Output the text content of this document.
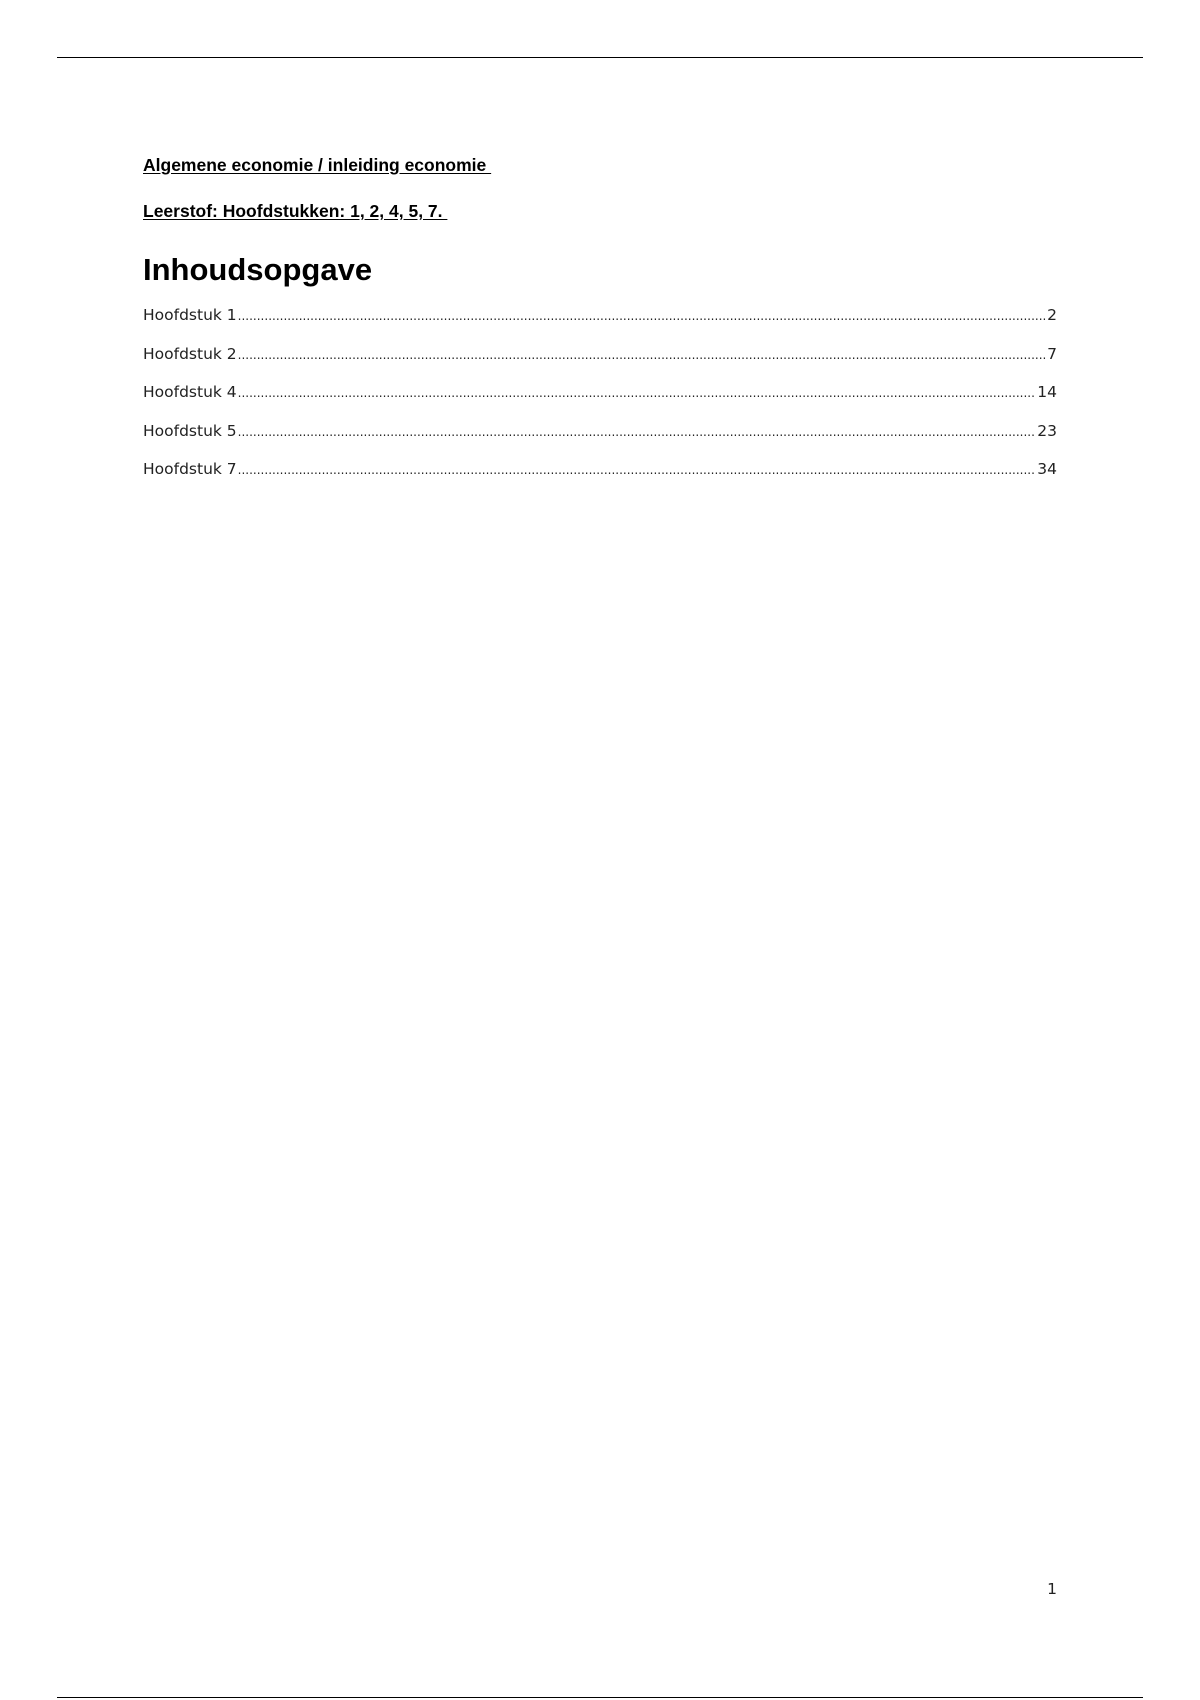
Algemene economie / inleiding economie

Leerstof: Hoofdstukken: 1, 2, 4, 5, 7.

Inhoudsopgave
Hoofdstuk 1 .....	2
Hoofdstuk 2 .....	7
Hoofdstuk 4 .....	14
Hoofdstuk 5 .....	23
Hoofdstuk 7 .....	34
1
